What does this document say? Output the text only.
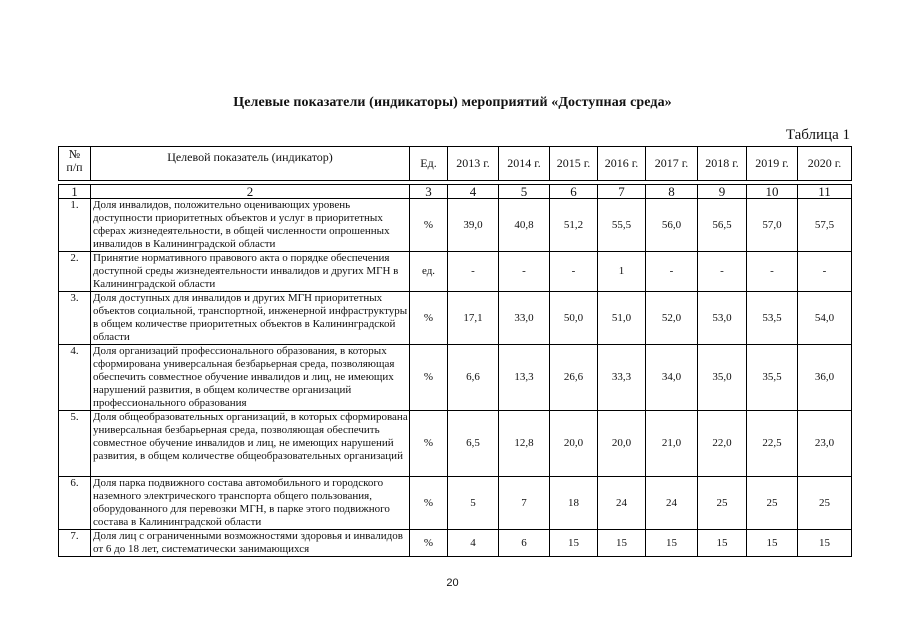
Целевые показатели (индикаторы) мероприятий «Доступная среда»
Таблица 1
№
п/п	Целевой показатель (индикатор)	Ед.	2013 г.	2014 г.	2015 г.	2016 г.	2017 г.	2018 г.	2019 г.	2020 г.
1	2	3	4	5	6	7	8	9	10	11
1.	Доля инвалидов, положительно оценивающих уровень доступности приоритетных объектов и услуг в приоритетных сферах жизнедеятельности, в общей численности опрошенных инвалидов в Калининградской области	%	39,0	40,8	51,2	55,5	56,0	56,5	57,0	57,5
2.	Принятие нормативного правового акта о порядке обеспечения доступной среды жизнедеятельности инвалидов и других МГН в Калининградской области	ед.	-	-	-	1	-	-	-	-
3.	Доля доступных для инвалидов и других МГН приоритетных объектов социальной, транспортной, инженерной инфраструктуры в общем количестве приоритетных объектов в Калининградской области	%	17,1	33,0	50,0	51,0	52,0	53,0	53,5	54,0
4.	Доля организаций профессионального образования, в которых сформирована универсальная безбарьерная среда, позволяющая обеспечить совместное обучение инвалидов и лиц, не имеющих нарушений развития, в общем количестве организаций профессионального образования	%	6,6	13,3	26,6	33,3	34,0	35,0	35,5	36,0
5.	Доля общеобразовательных организаций, в которых сформирована универсальная безбарьерная среда, позволяющая обеспечить совместное обучение инвалидов и лиц, не имеющих нарушений развития, в общем количестве общеобразовательных организаций	%	6,5	12,8	20,0	20,0	21,0	22,0	22,5	23,0
6.	Доля парка подвижного состава автомобильного и городского наземного электрического транспорта общего пользования, оборудованного для перевозки МГН, в парке этого подвижного состава в Калининградской области	%	5	7	18	24	24	25	25	25
7.	Доля лиц с ограниченными возможностями здоровья и инвалидов от 6 до 18 лет, систематически занимающихся	%	4	6	15	15	15	15	15	15
20
